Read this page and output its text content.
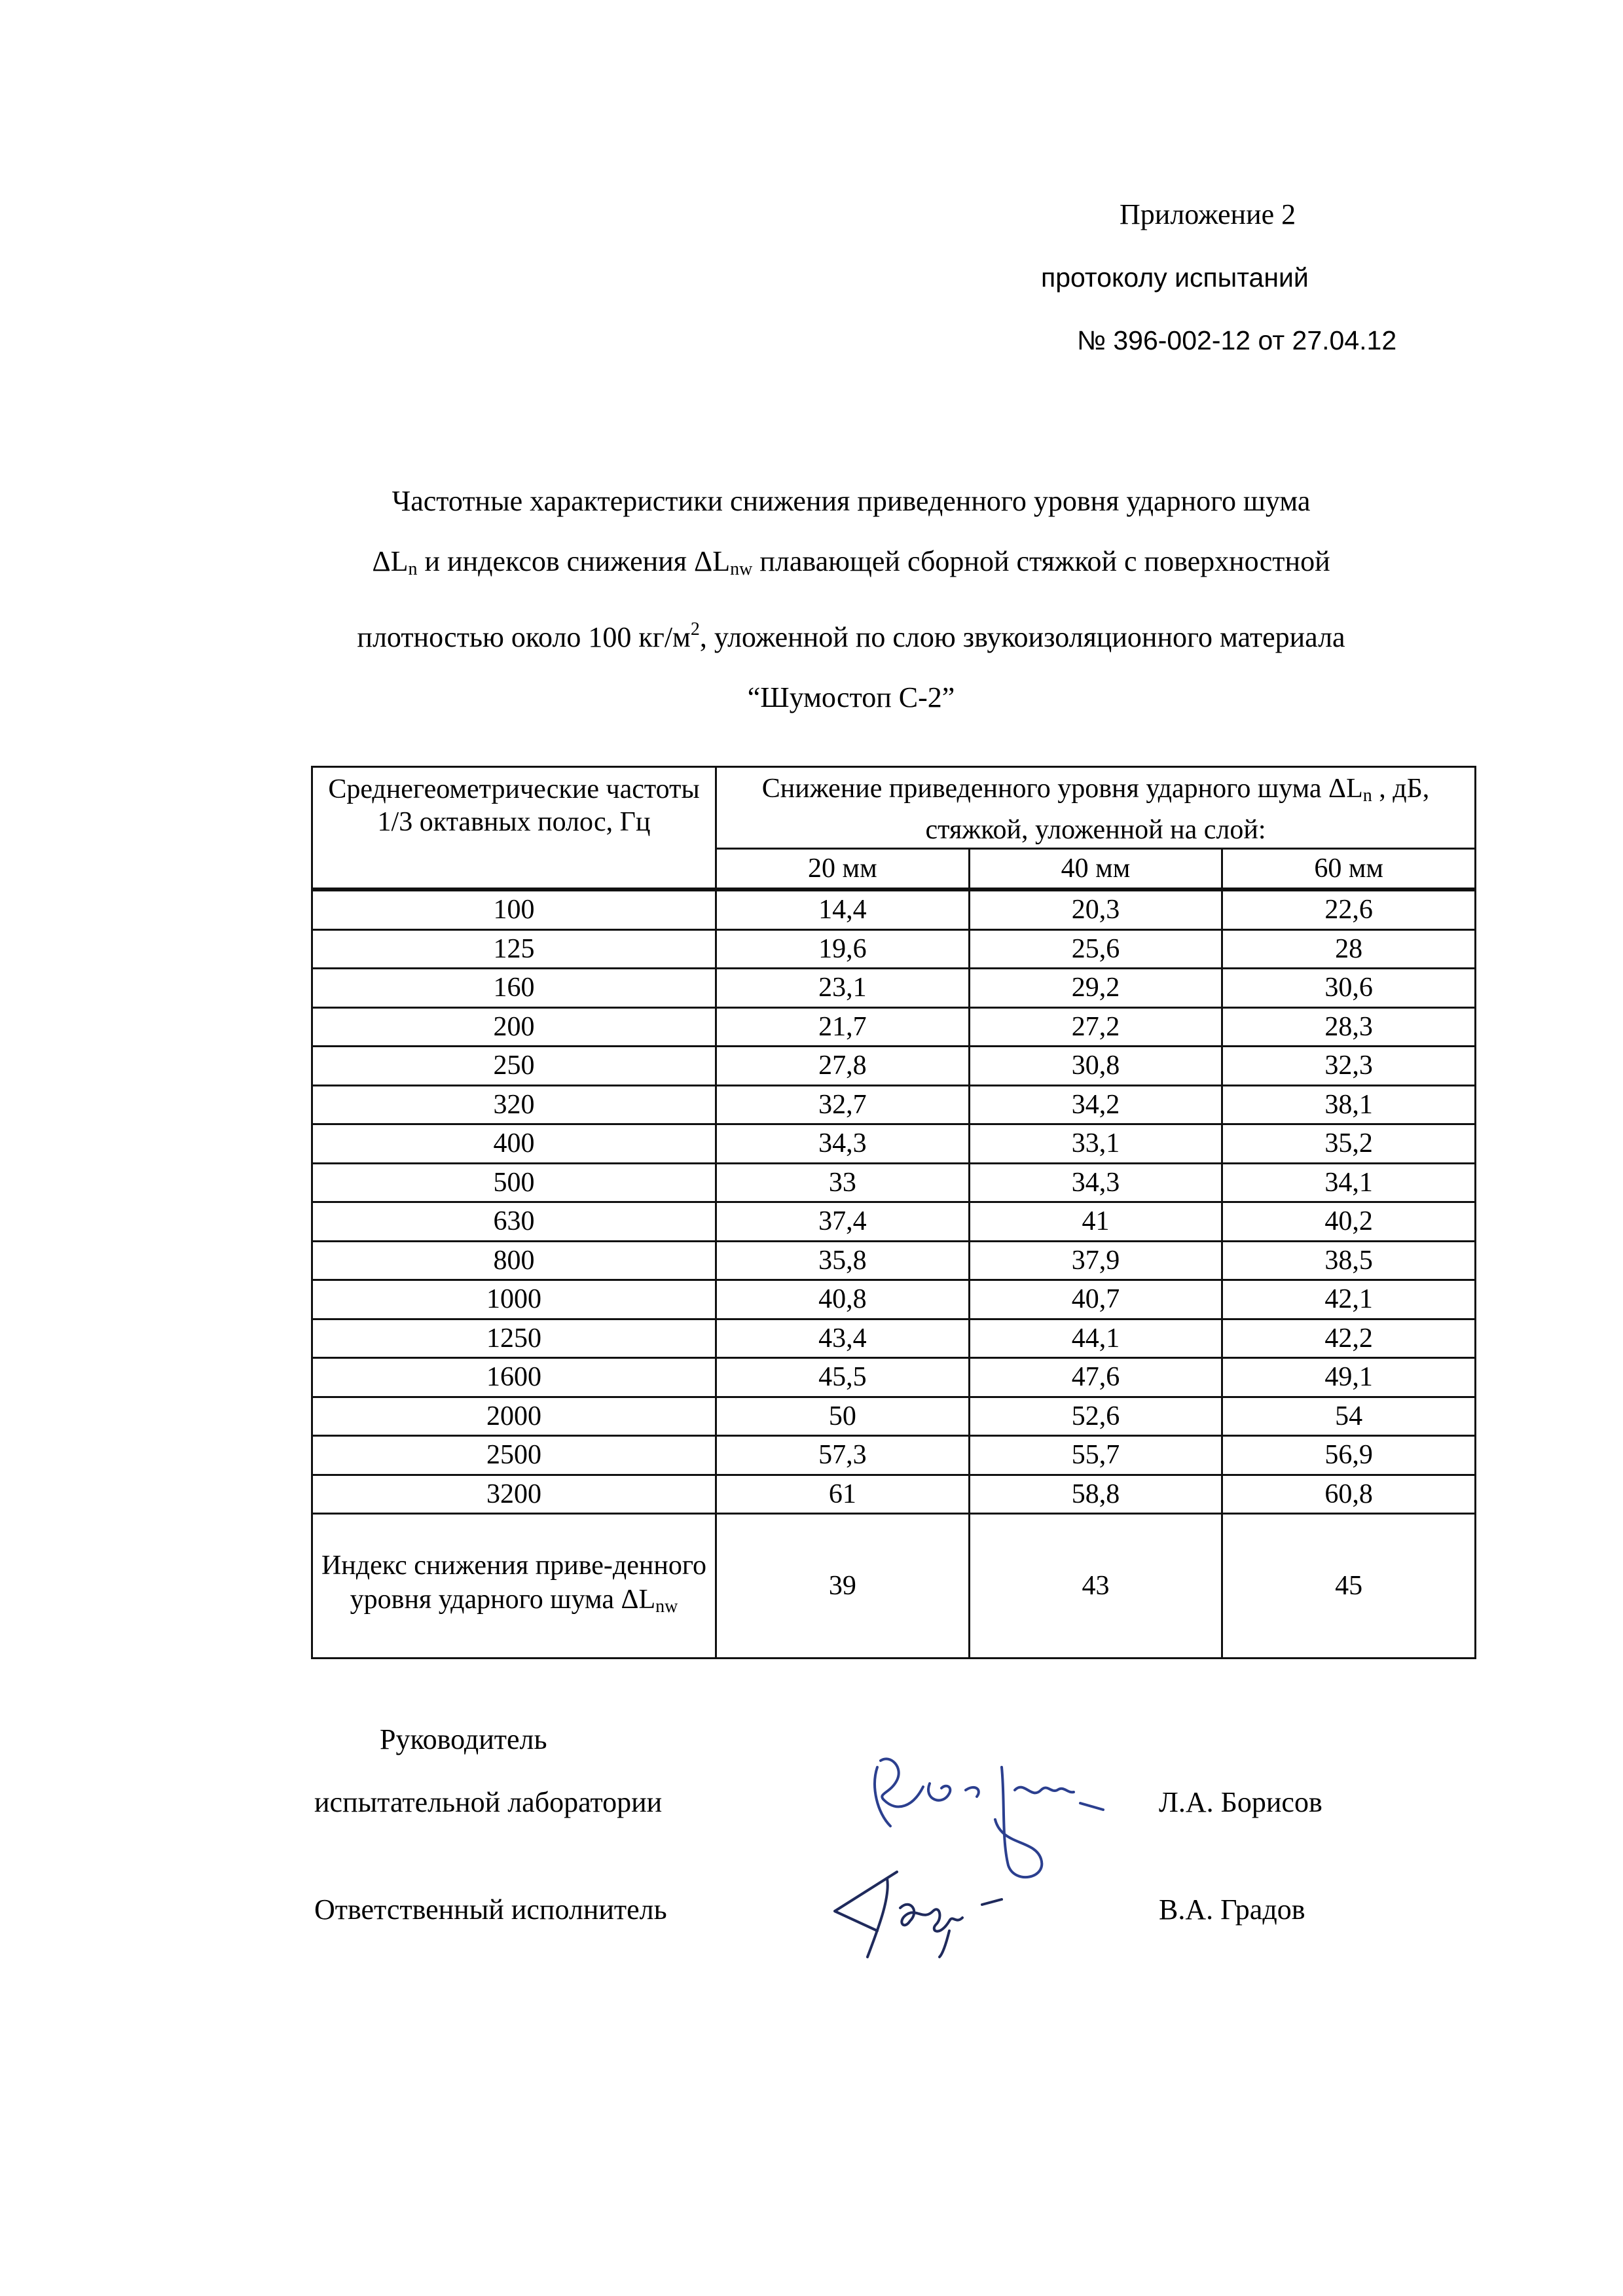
Приложение 2
протоколу испытаний
№ 396-002-12 от 27.04.12
Частотные характеристики снижения приведенного уровня ударного шума
$\Delta L_n$ и индексов снижения $\Delta L_{nw}$ плавающей сборной стяжкой с поверхностной
плотностью около 100 $кг/м^2$, уложенной по слою звукоизоляционного материала
“Шумостоп С-2”
Среднегеометрические частоты 1/3 октавных полос, Гц	Снижение приведенного уровня ударного шума $\Delta L_n$ , дБ, стяжкой, уложенной на слой:		
	20 мм	40 мм	60 мм
100	14,4	20,3	22,6
125	19,6	25,6	28
160	23,1	29,2	30,6
200	21,7	27,2	28,3
250	27,8	30,8	32,3
320	32,7	34,2	38,1
400	34,3	33,1	35,2
500	33	34,3	34,1
630	37,4	41	40,2
800	35,8	37,9	38,5
1000	40,8	40,7	42,1
1250	43,4	44,1	42,2
1600	45,5	47,6	49,1
2000	50	52,6	54
2500	57,3	55,7	56,9
3200	61	58,8	60,8
Индекс снижения приве-денного уровня ударного шума $\Delta L_{nw}$	39	43	45
Руководитель
испытательной лаборатории	Л.А. Борисов
Ответственный исполнитель	В.А. Градов
